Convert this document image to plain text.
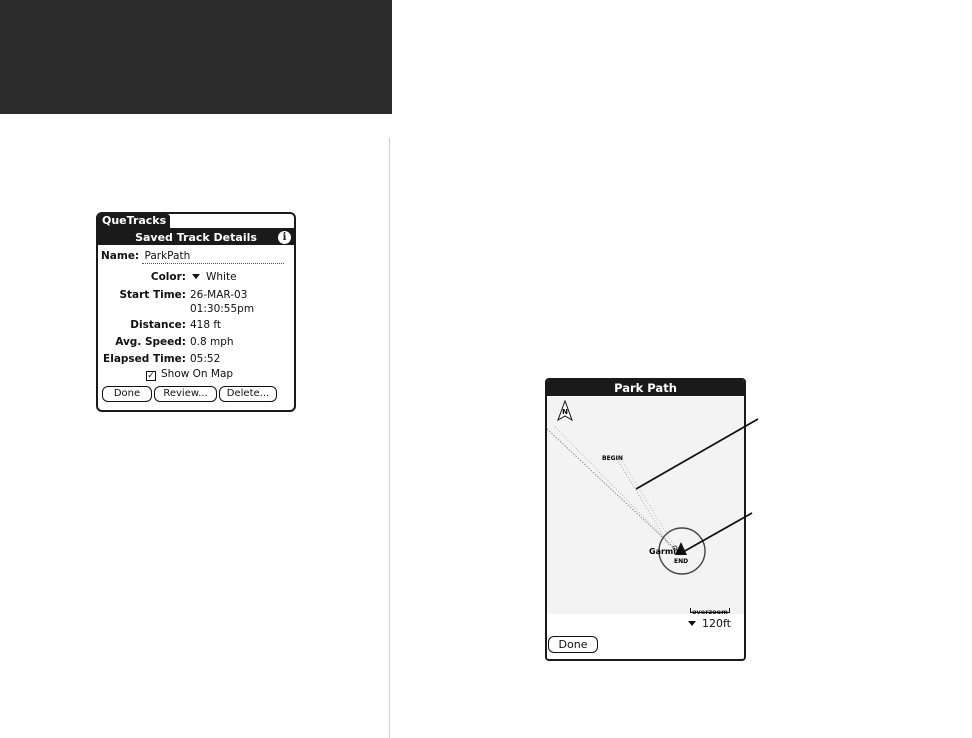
QueTracks
Saved Track Details	i
Name: ParkPath
Color:	White
Start Time: 26-MAR-03
01:30:55pm
Distance: 418 ft
Avg. Speed: 0.8 mph
Elapsed Time: 05:52
✓ Show On Map
Done	Review...	Delete...	Park Path
N
BEGIN
Garmin
END
overzoom
120ft
Done
